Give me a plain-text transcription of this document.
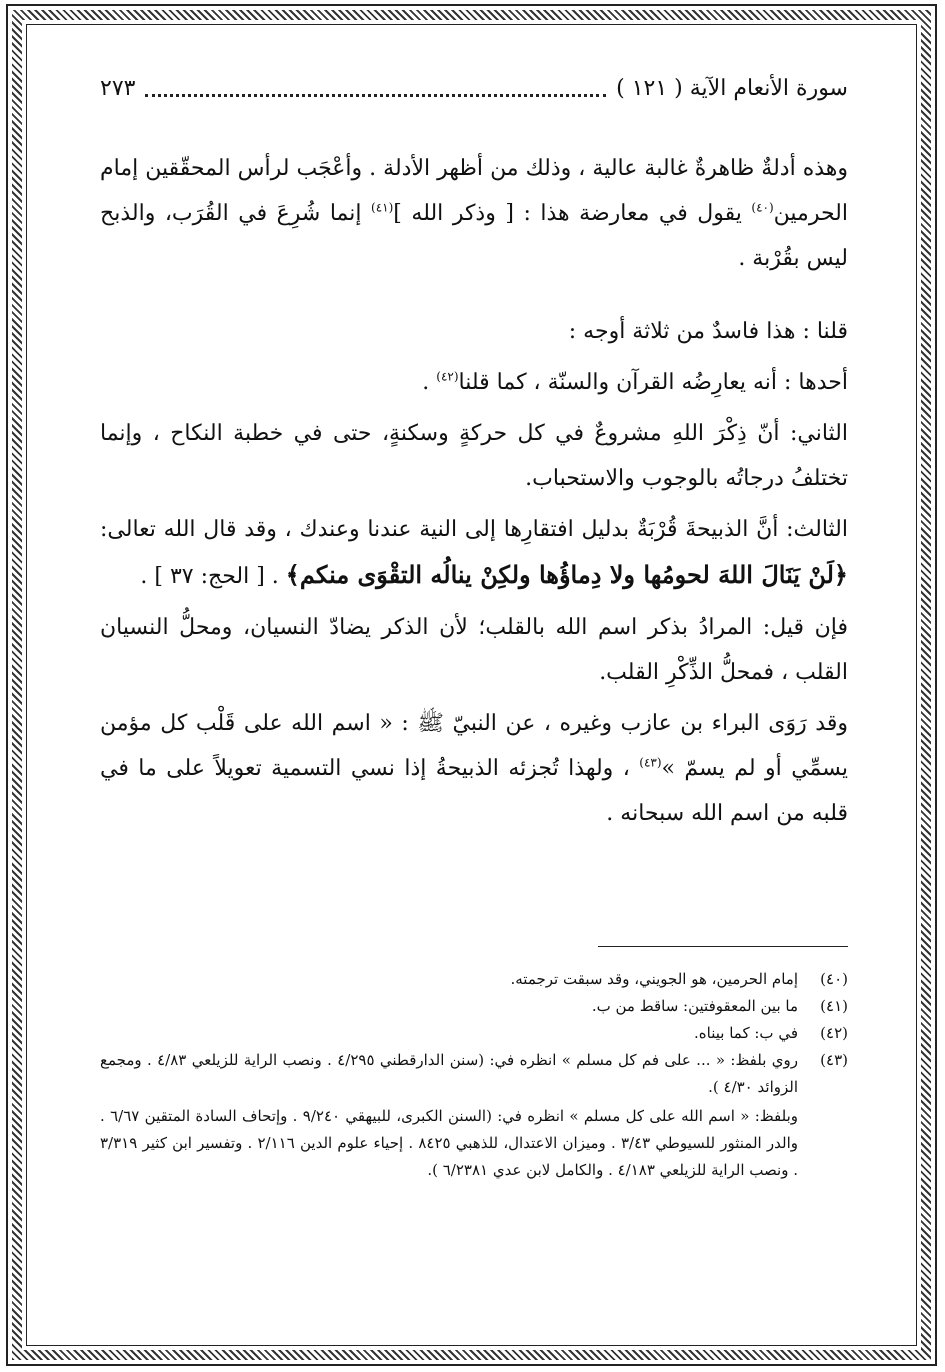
سورة الأنعام الآية ( ١٢١ )
٢٧٣

وهذه أدلةٌ ظاهرةٌ غالبة عالية ، وذلك من أظهر الأدلة . وأعْجَب لرأس المحقّقين إمام الحرمين$^{(٤٠)}$ يقول في معارضة هذا : [ وذكر الله ]$^{(٤١)}$ إنما شُرِعَ في القُرَب، والذبح ليس بقُرْبة .

قلنا : هذا فاسدٌ من ثلاثة أوجه :

أحدها : أنه يعارِضُه القرآن والسنّة ، كما قلنا$^{(٤٢)}$ .

الثاني: أنّ ذِكْرَ اللهِ مشروعٌ في كل حركةٍ وسكنةٍ، حتى في خطبة النكاح ، وإنما تختلفُ درجاتُه بالوجوب والاستحباب.

الثالث: أنَّ الذبيحةَ قُرْبَةٌ بدليل افتقارِها إلى النية عندنا وعندك ، وقد قال الله تعالى: ﴿لَنْ يَنَالَ اللهَ لحومُها ولا دِماؤُها ولكِنْ ينالُه التقْوَى منكم﴾ . [ الحج: ٣٧ ] .

فإن قيل: المرادُ بذكر اسم الله بالقلب؛ لأن الذكر يضادّ النسيان، ومحلُّ النسيان القلب ، فمحلُّ الذِّكْرِ القلب.

وقد رَوَى البراء بن عازب وغيره ، عن النبيّ ﷺ : « اسم الله على قَلْب كل مؤمن يسمِّي أو لم يسمّ »$^{(٤٣)}$ ، ولهذا تُجزئه الذبيحةُ إذا نسي التسمية تعويلاً على ما في قلبه من اسم الله سبحانه .

(٤٠)
إمام الحرمين، هو الجويني، وقد سبقت ترجمته.
(٤١)
ما بين المعقوفتين: ساقط من ب.
(٤٢)
في ب: كما بيناه.
(٤٣)
روي بلفظ: « ... على فم كل مسلم » انظره في: (سنن الدارقطني ٤/٢٩٥ . ونصب الراية للزيلعي ٤/٨٣ . ومجمع الزوائد ٤/٣٠ ).
وبلفظ: « اسم الله على كل مسلم » انظره في: (السنن الكبرى، للبيهقي ٩/٢٤٠ . وإتحاف السادة المتقين ٦/٦٧ . والدر المنثور للسيوطي ٣/٤٣ . وميزان الاعتدال، للذهبي ٨٤٢٥ . إحياء علوم الدين ٢/١١٦ . وتفسير ابن كثير ٣/٣١٩ . ونصب الراية للزيلعي ٤/١٨٣ . والكامل لابن عدي ٦/٢٣٨١ ).
